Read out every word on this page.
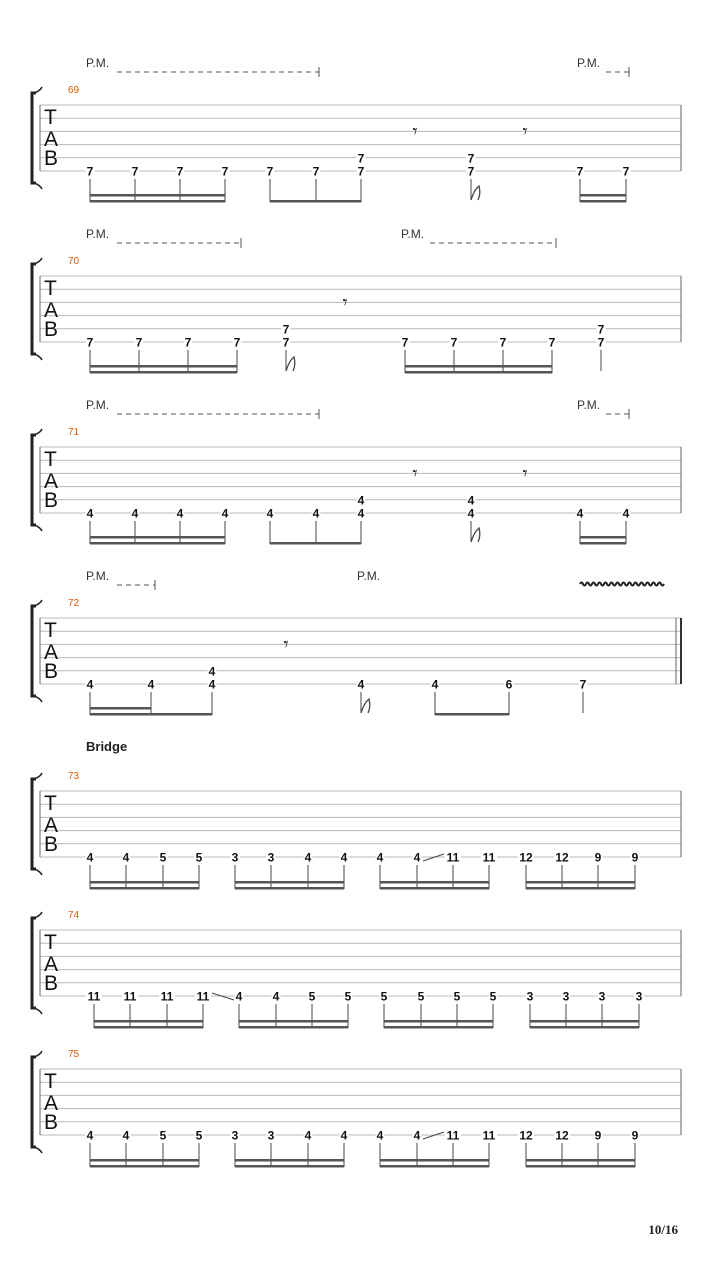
T
A
B
69
P.M.	P.M.
7	7	7	7	7	7
7
7
7
7	7	7
𝄾	𝄾
T
A
B
70
P.M.	P.M.
7	7	7	7
7
7	7	7	7	7
7
7
𝄾
T
A
B
71
P.M.	P.M.
4	4	4	4	4	4
4
4
4
4	4	4
𝄾	𝄾
T
A
B
72
P.M.	P.M.
4	4
4
4	4	4	6	7
𝄾
Bridge
T
A
B
73
4 4	5 5 3 3	4 4 4	4 11 11 12 12 9	9
T
A
B
74
11 11 11 11 4	4 5 5 5	5 5 5	3 3 3	3
T
A
B
75
4 4	5 5 3 3	4 4 4	4 11 11 12 12 9	9
10/16
